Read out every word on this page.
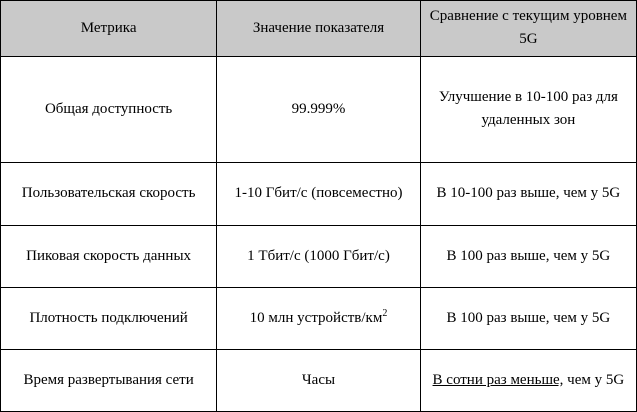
Метрика	Значение показателя	Сравнение с текущим уровнем 5G
Общая доступность	99.999%	Улучшение в 10-100 раз для удаленных зон
Пользовательская скорость	1-10 Гбит/с (повсеместно)	В 10-100 раз выше, чем у 5G
Пиковая скорость данных	1 Тбит/с (1000 Гбит/с)	В 100 раз выше, чем у 5G
Плотность подключений	10 млн устройств/$км^2$	В 100 раз выше, чем у 5G
Время развертывания сети	Часы	В сотни раз меньше, чем у 5G
